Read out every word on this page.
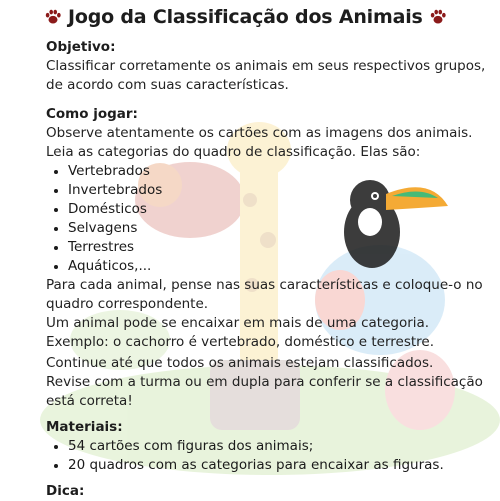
Jogo da Classificação dos Animais
Objetivo:
Classificar corretamente os animais em seus respectivos grupos,
de acordo com suas características.
Como jogar:
Observe atentamente os cartões com as imagens dos animais.
Leia as categorias do quadro de classificação. Elas são:
• Vertebrados
• Invertebrados
• Domésticos
• Selvagens
• Terrestres
• Aquáticos,...
Para cada animal, pense nas suas características e coloque-o no
quadro correspondente.
Um animal pode se encaixar em mais de uma categoria.
Exemplo: o cachorro é vertebrado, doméstico e terrestre.
Continue até que todos os animais estejam classificados.
Revise com a turma ou em dupla para conferir se a classificação
está correta!
Materiais:
• 54 cartões com figuras dos animais;
• 20 quadros com as categorias para encaixar as figuras.
Dica:
